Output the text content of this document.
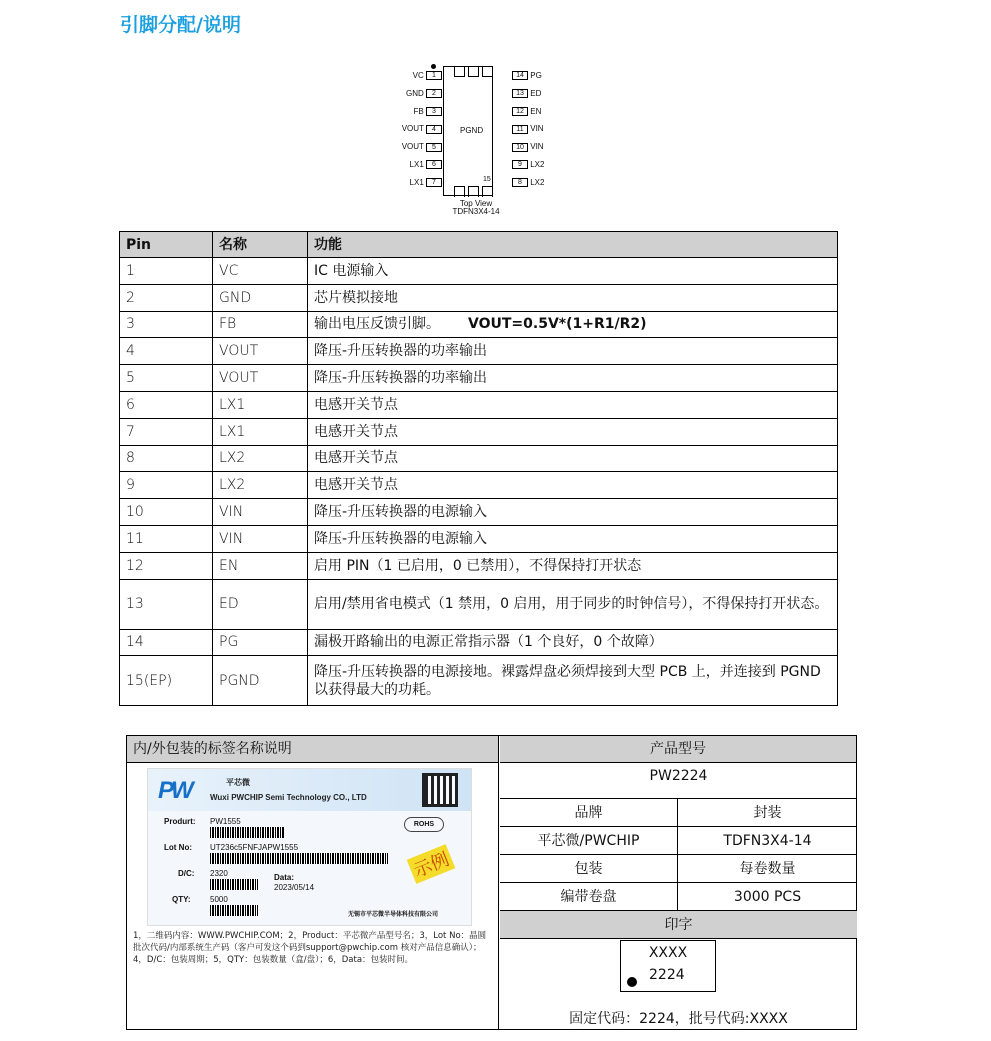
引脚分配/说明
PGND
15
VC 1
GND 2
FB 3
VOUT 4
VOUT 5
LX1 6
LX1 7
14 PG
13 ED
12 EN
11 VIN
10 VIN
9 LX2
8 LX2
Top View
TDFN3X4-14
Pin	名称	功能
1	VC	IC 电源输入
2	GND	芯片模拟接地
3	FB	输出电压反馈引脚。 VOUT=0.5V*(1+R1/R2)
4	VOUT	降压-升压转换器的功率输出
5	VOUT	降压-升压转换器的功率输出
6	LX1	电感开关节点
7	LX1	电感开关节点
8	LX2	电感开关节点
9	LX2	电感开关节点
10	VIN	降压-升压转换器的电源输入
11	VIN	降压-升压转换器的电源输入
12	EN	启用 PIN（1 已启用，0 已禁用），不得保持打开状态
13	ED	启用/禁用省电模式（1 禁用，0 启用，用于同步的时钟信号），不得保持打开状态。
14	PG	漏极开路输出的电源正常指示器（1 个良好，0 个故障）
15(EP)	PGND	降压-升压转换器的电源接地。裸露焊盘必须焊接到大型 PCB 上，并连接到 PGND 以获得最大的功耗。
内/外包装的标签名称说明
PW	平芯微
Wuxi PWCHIP Semi Technology CO., LTD
Produrt: PW1555	ROHS
Lot No: UT236c5FNFJAPW1555
D/C: 2320	Data:
2023/05/14
QTY: 5000
示例
无锡市平芯微半导体科技有限公司
1，二维码内容：WWW.PWCHIP.COM；2，Product：平芯微产品型号名；3，Lot No：晶圆批次代码/内部系统生产码（客户可发这个码到support@pwchip.com 核对产品信息确认）；4，D/C：包装周期；5，QTY：包装数量（盒/盘）；6，Data：包装时间。
产品型号
PW2224
品牌	封装
平芯微/PWCHIP	TDFN3X4-14
包装	每卷数量
编带卷盘	3000 PCS
印字
XXXX
2224
固定代码：2224，批号代码:XXXX
